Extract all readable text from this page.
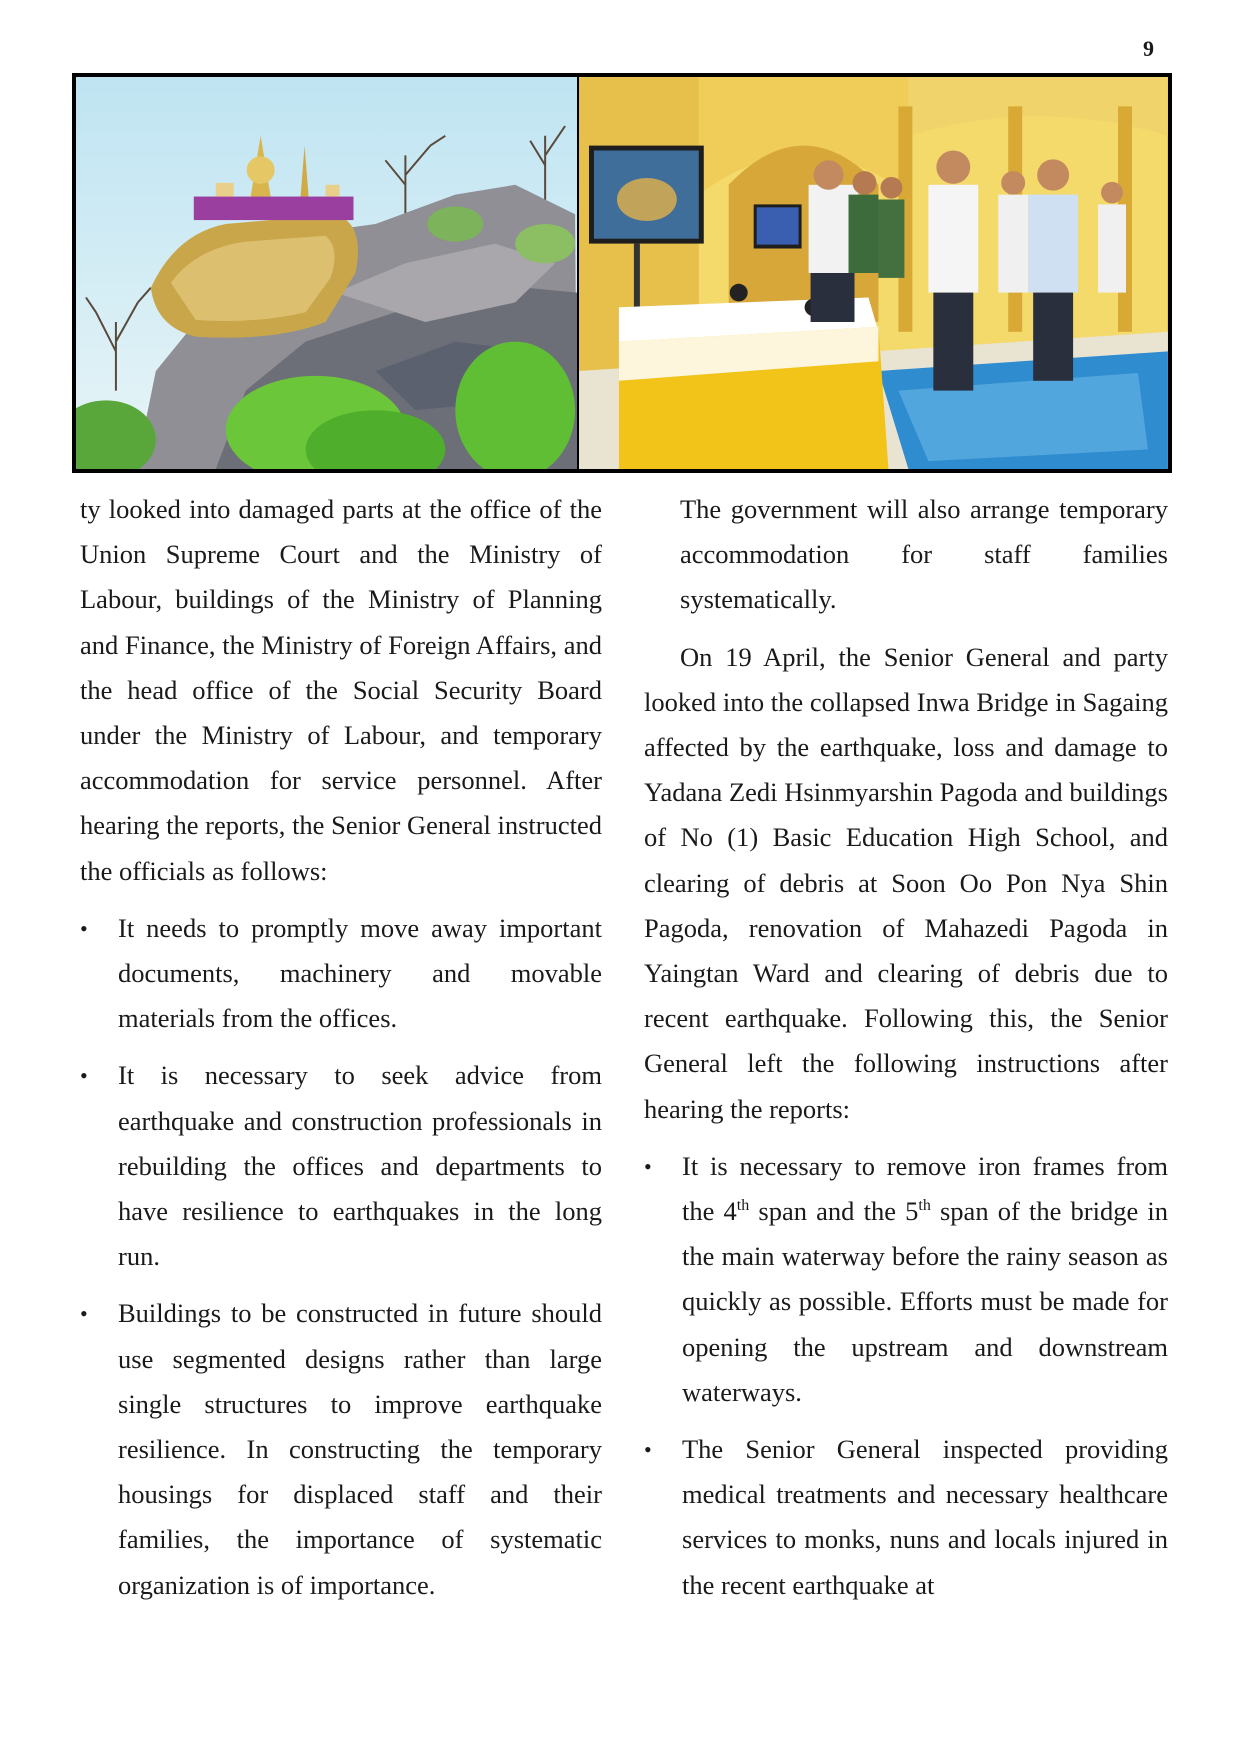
9

ty looked into damaged parts at the office of the Union Supreme Court and the Ministry of Labour, buildings of the Ministry of Planning and Finance, the Ministry of Foreign Affairs, and the head office of the Social Security Board under the Ministry of Labour, and temporary accommodation for service personnel. After hearing the reports, the Senior General instructed the officials as follows:

•	It needs to promptly move away important documents, machinery and movable materials from the offices.
•	It is necessary to seek advice from earthquake and construction professionals in rebuilding the offices and departments to have resilience to earthquakes in the long run.
•	Buildings to be constructed in future should use segmented designs rather than large single structures to improve earthquake resilience. In constructing the temporary housings for displaced staff and their families, the importance of systematic organization is of importance.

The government will also arrange temporary accommodation for staff families systematically.

On 19 April, the Senior General and party looked into the collapsed Inwa Bridge in Sagaing affected by the earthquake, loss and damage to Yadana Zedi Hsinmyarshin Pagoda and buildings of No (1) Basic Education High School, and clearing of debris at Soon Oo Pon Nya Shin Pagoda, renovation of Mahazedi Pagoda in Yaingtan Ward and clearing of debris due to recent earthquake. Following this, the Senior General left the following instructions after hearing the reports:

•	It is necessary to remove iron frames from the 4th span and the 5th span of the bridge in the main waterway before the rainy season as quickly as possible. Efforts must be made for opening the upstream and downstream waterways.
•	The Senior General inspected providing medical treatments and necessary healthcare services to monks, nuns and locals injured in the recent earthquake at
